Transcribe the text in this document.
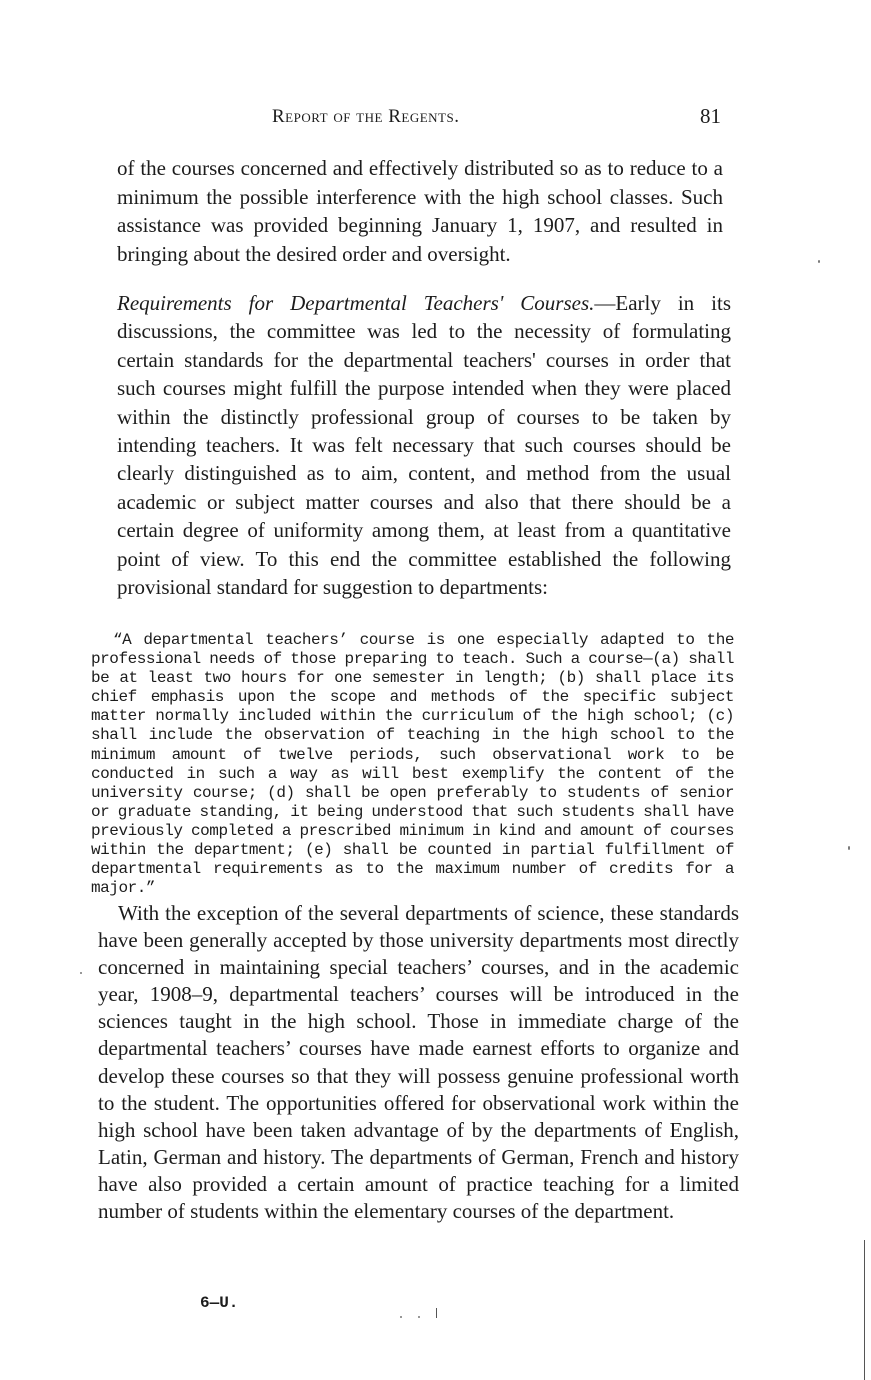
Report of the Regents.	81

of the courses concerned and effectively distributed so as to reduce to a minimum the possible interference with the high school classes. Such assistance was provided beginning January 1, 1907, and resulted in bringing about the desired order and oversight.

Requirements for Departmental Teachers' Courses.—Early in its discussions, the committee was led to the necessity of formulating certain standards for the departmental teachers' courses in order that such courses might fulfill the purpose intended when they were placed within the distinctly professional group of courses to be taken by intending teachers. It was felt necessary that such courses should be clearly distinguished as to aim, content, and method from the usual academic or subject matter courses and also that there should be a certain degree of uniformity among them, at least from a quantitative point of view. To this end the committee established the following provisional standard for suggestion to departments:

“A departmental teachers’ course is one especially adapted to the professional needs of those preparing to teach. Such a course—(a) shall be at least two hours for one semester in length; (b) shall place its chief emphasis upon the scope and methods of the specific subject matter normally included within the curriculum of the high school; (c) shall include the observation of teaching in the high school to the minimum amount of twelve periods, such observational work to be conducted in such a way as will best exemplify the content of the university course; (d) shall be open preferably to students of senior or graduate standing, it being understood that such students shall have previously completed a prescribed minimum in kind and amount of courses within the department; (e) shall be counted in partial fulfillment of departmental requirements as to the maximum number of credits for a major.”

With the exception of the several departments of science, these standards have been generally accepted by those university departments most directly concerned in maintaining special teachers’ courses, and in the academic year, 1908–9, departmental teachers’ courses will be introduced in the sciences taught in the high school. Those in immediate charge of the departmental teachers’ courses have made earnest efforts to organize and develop these courses so that they will possess genuine professional worth to the student. The opportunities offered for observational work within the high school have been taken advantage of by the departments of English, Latin, German and history. The departments of German, French and history have also provided a certain amount of practice teaching for a limited number of students within the elementary courses of the department.

6—U.
